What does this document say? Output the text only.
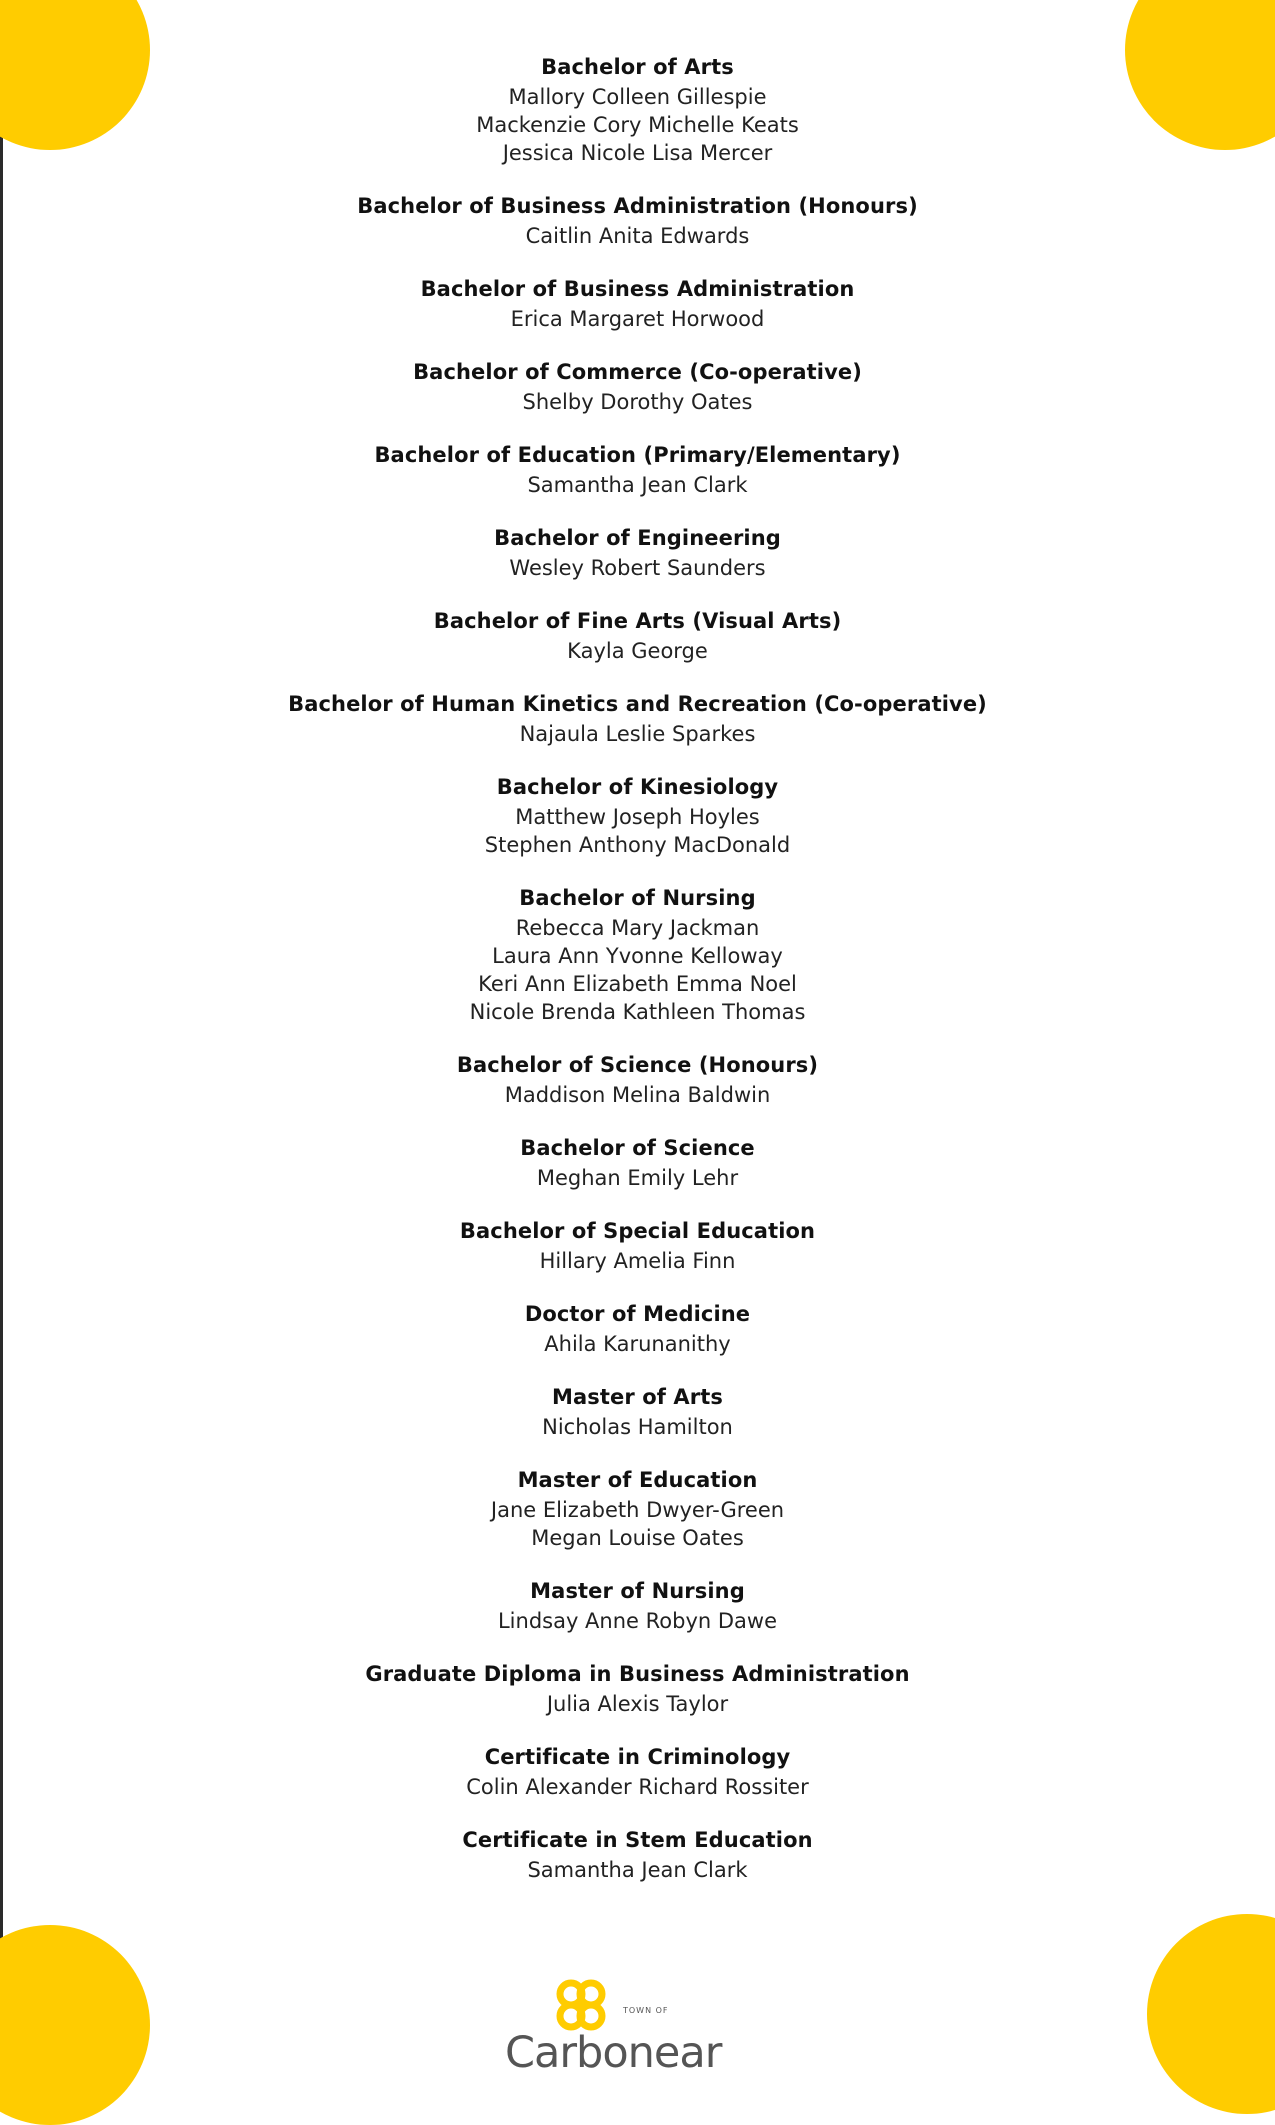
Bachelor of Arts
Mallory Colleen Gillespie
Mackenzie Cory Michelle Keats
Jessica Nicole Lisa Mercer
Bachelor of Business Administration (Honours)
Caitlin Anita Edwards
Bachelor of Business Administration
Erica Margaret Horwood
Bachelor of Commerce (Co-operative)
Shelby Dorothy Oates
Bachelor of Education (Primary/Elementary)
Samantha Jean Clark
Bachelor of Engineering
Wesley Robert Saunders
Bachelor of Fine Arts (Visual Arts)
Kayla George
Bachelor of Human Kinetics and Recreation (Co-operative)
Najaula Leslie Sparkes
Bachelor of Kinesiology
Matthew Joseph Hoyles
Stephen Anthony MacDonald
Bachelor of Nursing
Rebecca Mary Jackman
Laura Ann Yvonne Kelloway
Keri Ann Elizabeth Emma Noel
Nicole Brenda Kathleen Thomas
Bachelor of Science (Honours)
Maddison Melina Baldwin
Bachelor of Science
Meghan Emily Lehr
Bachelor of Special Education
Hillary Amelia Finn
Doctor of Medicine
Ahila Karunanithy
Master of Arts
Nicholas Hamilton
Master of Education
Jane Elizabeth Dwyer-Green
Megan Louise Oates
Master of Nursing
Lindsay Anne Robyn Dawe
Graduate Diploma in Business Administration
Julia Alexis Taylor
Certificate in Criminology
Colin Alexander Richard Rossiter
Certificate in Stem Education
Samantha Jean Clark
TOWN OF
Carbonear
